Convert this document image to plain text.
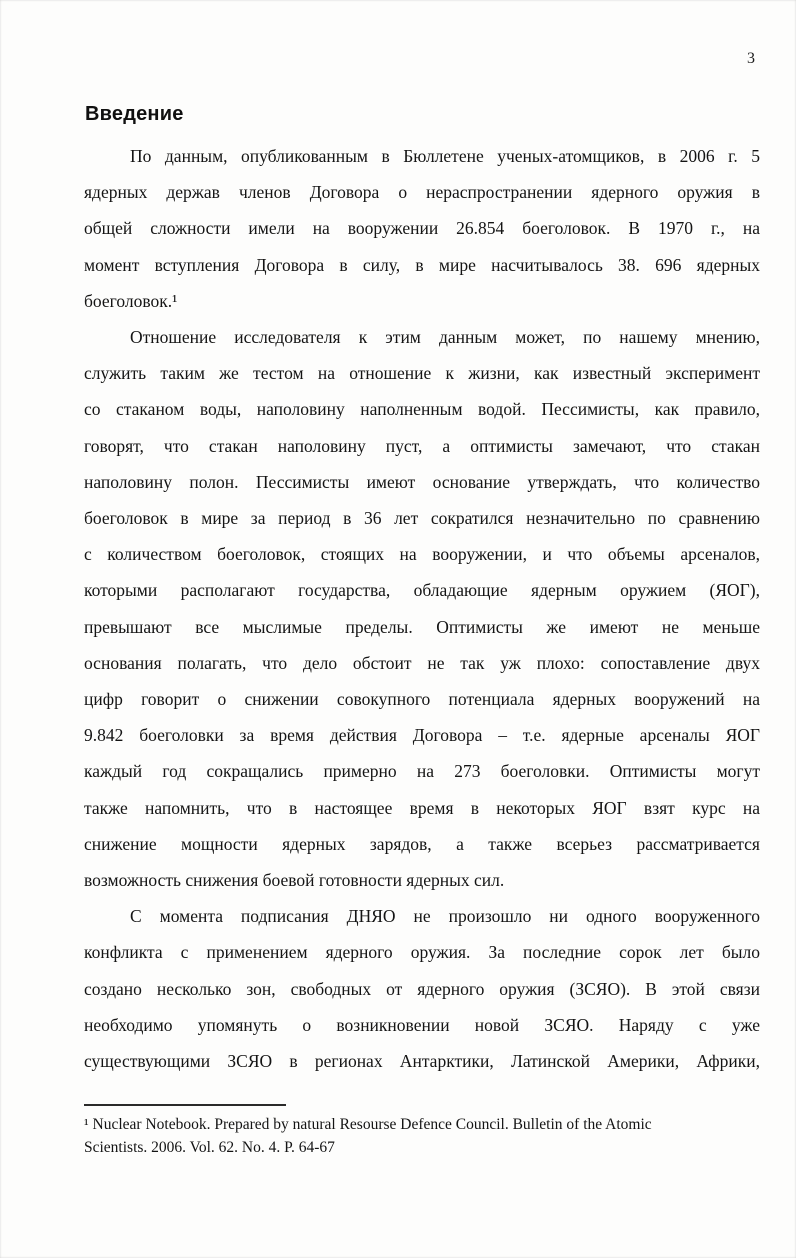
3
Введение
По данным, опубликованным в Бюллетене ученых-атомщиков, в 2006 г. 5
ядерных держав членов Договора о нераспространении ядерного оружия в
общей сложности имели на вооружении 26.854 боеголовок. В 1970 г., на
момент вступления Договора в силу, в мире насчитывалось 38. 696 ядерных
боеголовок.¹
Отношение исследователя к этим данным может, по нашему мнению,
служить таким же тестом на отношение к жизни, как известный эксперимент
со стаканом воды, наполовину наполненным водой. Пессимисты, как правило,
говорят, что стакан наполовину пуст, а оптимисты замечают, что стакан
наполовину полон. Пессимисты имеют основание утверждать, что количество
боеголовок в мире за период в 36 лет сократился незначительно по сравнению
с количеством боеголовок, стоящих на вооружении, и что объемы арсеналов,
которыми располагают государства, обладающие ядерным оружием (ЯОГ),
превышают все мыслимые пределы. Оптимисты же имеют не меньше
основания полагать, что дело обстоит не так уж плохо: сопоставление двух
цифр говорит о снижении совокупного потенциала ядерных вооружений на
9.842 боеголовки за время действия Договора – т.е. ядерные арсеналы ЯОГ
каждый год сокращались примерно на 273 боеголовки. Оптимисты могут
также напомнить, что в настоящее время в некоторых ЯОГ взят курс на
снижение мощности ядерных зарядов, а также всерьез рассматривается
возможность снижения боевой готовности ядерных сил.
С момента подписания ДНЯО не произошло ни одного вооруженного
конфликта с применением ядерного оружия. За последние сорок лет было
создано несколько зон, свободных от ядерного оружия (ЗСЯО). В этой связи
необходимо упомянуть о возникновении новой ЗСЯО. Наряду с уже
существующими ЗСЯО в регионах Антарктики, Латинской Америки, Африки,
¹ Nuclear Notebook. Prepared by natural Resourse Defence Council. Bulletin of the Atomic
Scientists. 2006. Vol. 62. No. 4. P. 64-67
